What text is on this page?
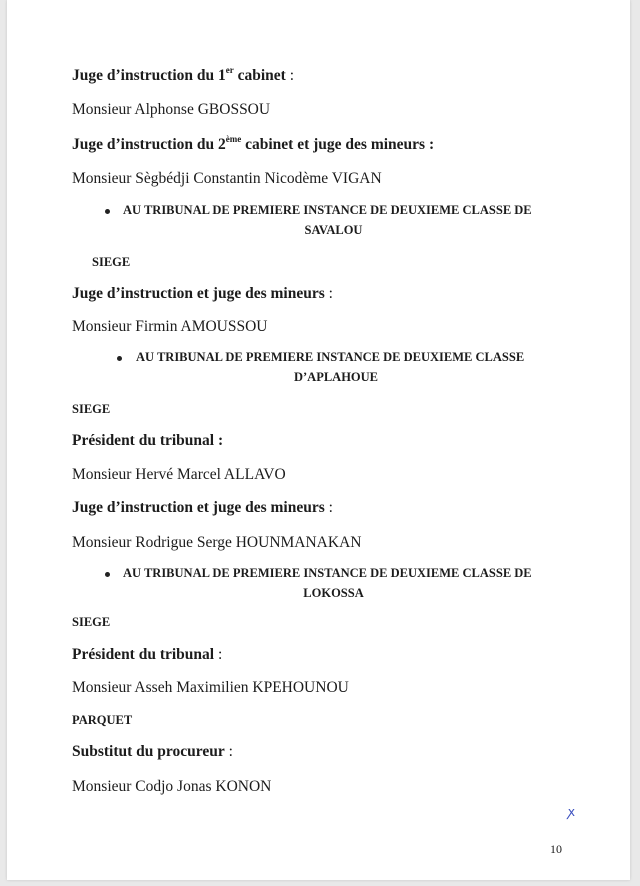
Juge d’instruction du 1er cabinet :
Monsieur Alphonse GBOSSOU
Juge d’instruction du 2ème cabinet et juge des mineurs :
Monsieur Sègbédji Constantin Nicodème VIGAN
AU TRIBUNAL DE PREMIERE INSTANCE DE DEUXIEME CLASSE DE
SAVALOU
SIEGE
Juge d’instruction et juge des mineurs :
Monsieur Firmin AMOUSSOU
AU TRIBUNAL DE PREMIERE INSTANCE DE DEUXIEME CLASSE
D’APLAHOUE
SIEGE
Président du tribunal :
Monsieur Hervé Marcel ALLAVO
Juge d’instruction et juge des mineurs :
Monsieur Rodrigue Serge HOUNMANAKAN
AU TRIBUNAL DE PREMIERE INSTANCE DE DEUXIEME CLASSE DE
LOKOSSA
SIEGE
Président du tribunal :
Monsieur Asseh Maximilien KPEHOUNOU
PARQUET
Substitut du procureur :
Monsieur Codjo Jonas KONON
ꭗ
10
